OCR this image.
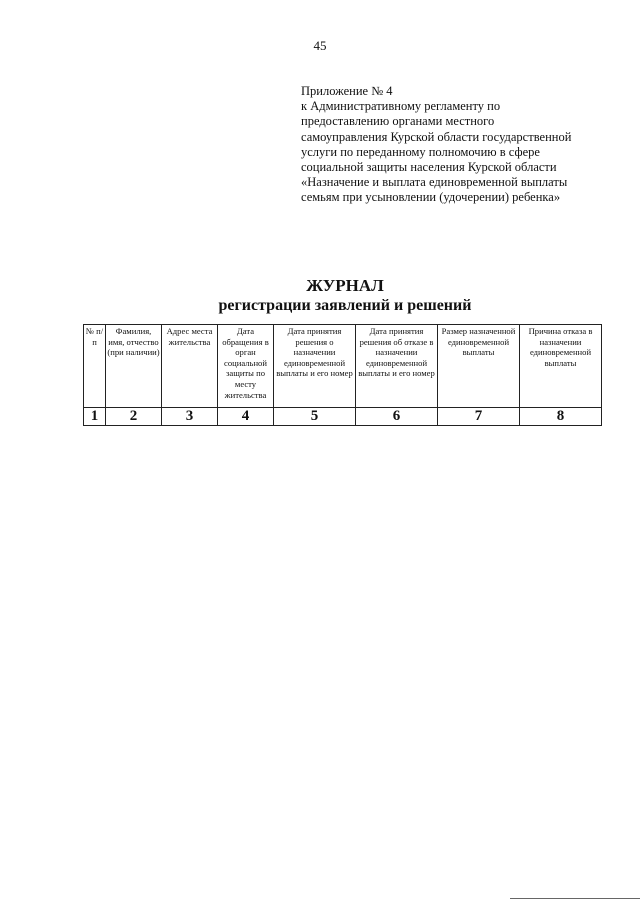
45
Приложение № 4
к Административному регламенту по
предоставлению органами местного
самоуправления Курской области государственной
услуги по переданному полномочию в сфере
социальной защиты населения Курской области
«Назначение и выплата единовременной выплаты
семьям при усыновлении (удочерении) ребенка»
ЖУРНАЛ
регистрации заявлений и решений
№ п/п	Фамилия, имя, отчество (при наличии)	Адрес места жительства	Дата обращения в орган социальной защиты по месту жительства	Дата принятия решения о назначении единовременной выплаты и его номер	Дата принятия решения об отказе в назначении единовременной выплаты и его номер	Размер назначенной единовременной выплаты	Причина отказа в назначении единовременной выплаты
1	2	3	4	5	6	7	8
